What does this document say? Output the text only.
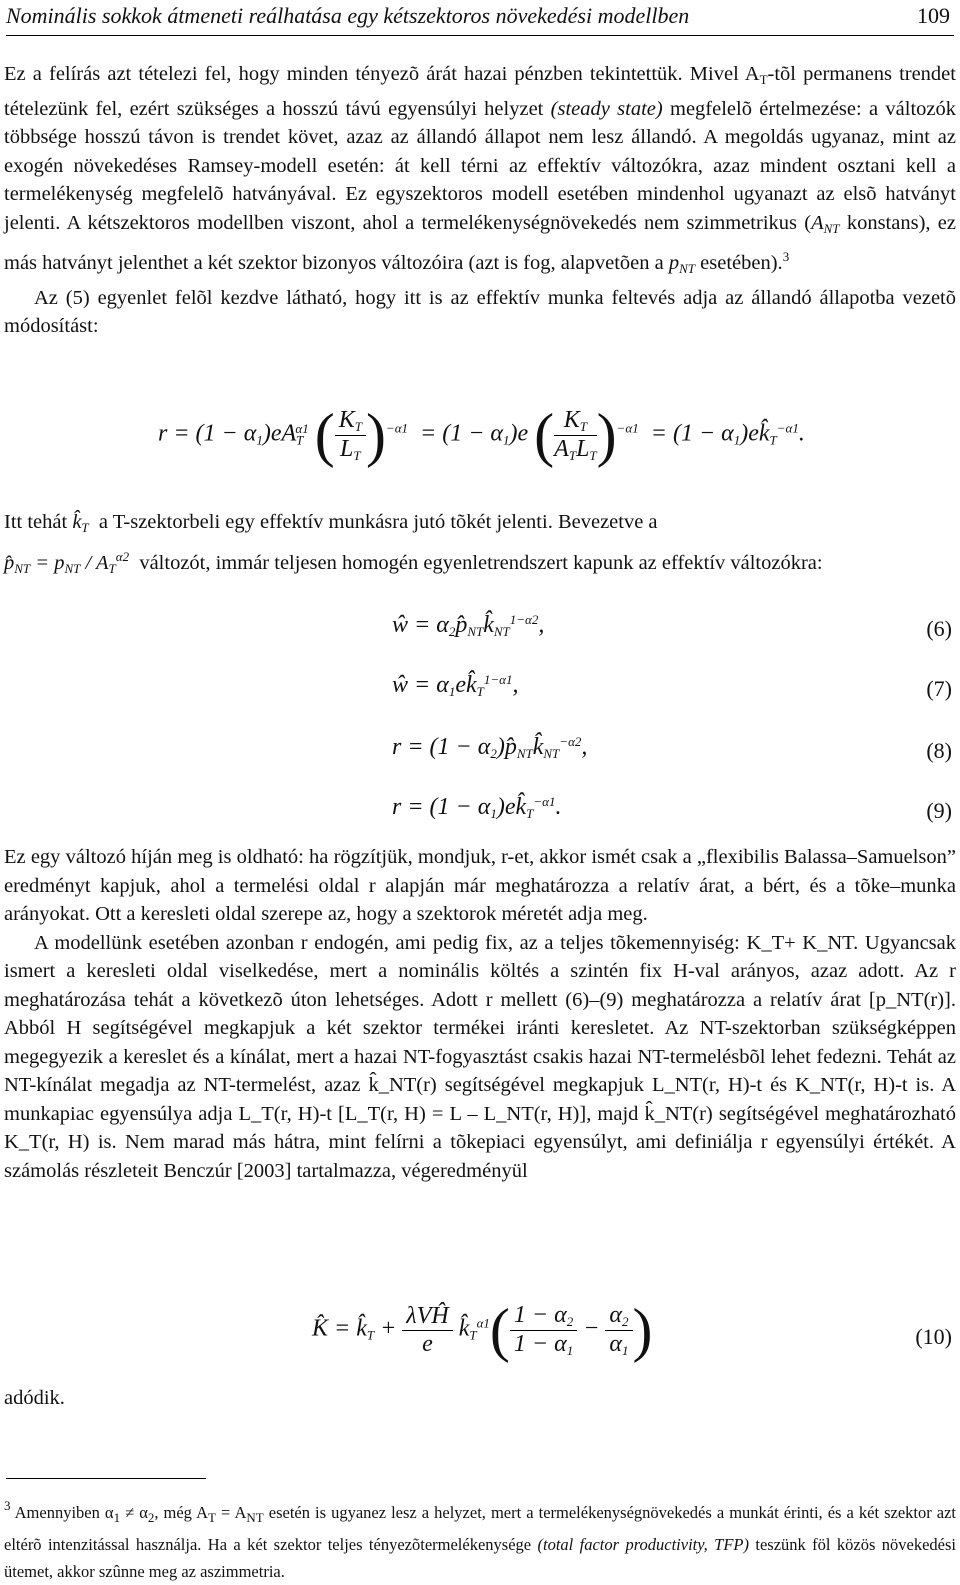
Nominális sokkok átmeneti reálhatása egy kétszektoros növekedési modellben	109

Ez a felírás azt tételezi fel, hogy minden tényezõ árát hazai pénzben tekintettük. Mivel $A_T$-tõl permanens trendet tételezünk fel, ezért szükséges a hosszú távú egyensúlyi helyzet (steady state) megfelelõ értelmezése: a változók többsége hosszú távon is trendet követ, azaz az állandó állapot nem lesz állandó. A megoldás ugyanaz, mint az exogén növekedéses Ramsey-modell esetén: át kell térni az effektív változókra, azaz mindent osztani kell a termelékenység megfelelõ hatványával. Ez egyszektoros modell esetében mindenhol ugyanazt az elsõ hatványt jelenti. A kétszektoros modellben viszont, ahol a termelékenységnövekedés nem szimmetrikus ($A_{NT}$ konstans), ez más hatványt jelenthet a két szektor bizonyos változóira (azt is fog, alapvetõen a $p_{NT}$ esetében).$^3$

Az (5) egyenlet felõl kezdve látható, hogy itt is az effektív munka feltevés adja az állandó állapotba vezetõ módosítást:

$r = (1 - \alpha_1)eA_T^{\alpha 1}$ ( $\frac{K_T}{L_T} )^{-\alpha 1} = (1 - \alpha_1)e$ ( $\frac{K_T}{A_TL_T} )^{-\alpha 1} = (1$ − $\alpha_1)ek̂_T^{-\alpha 1}$.

Itt tehát $k̂_T$ a T-szektorbeli egy effektív munkásra jutó tõkét jelenti. Bevezetve a
$p̂_{NT} = p_{NT} / A_T^{\alpha 2}$ változót, immár teljesen homogén egyenletrendszert kapunk az effektív változókra:

ŵ = $\alpha_2p̂_{NT}k̂_{NT}^{1-\alpha 2}$,	(6)
ŵ = $\alpha_1ek̂_T^{1-\alpha 1}$,	(7)
$r = (1 - \alpha_2)p̂_{NT}k̂_{NT}^{-\alpha 2}$,	(8)
$r = (1 - \alpha_1)ek̂_T^{-\alpha 1}$.	(9)

Ez egy változó híján meg is oldható: ha rögzítjük, mondjuk, r-et, akkor ismét csak a „flexibilis Balassa–Samuelson” eredményt kapjuk, ahol a termelési oldal r alapján már meghatározza a relatív árat, a bért, és a tõke–munka arányokat. Ott a keresleti oldal szerepe az, hogy a szektorok méretét adja meg.

A modellünk esetében azonban r endogén, ami pedig fix, az a teljes tõkemennyiség: K_T+ K_NT. Ugyancsak ismert a keresleti oldal viselkedése, mert a nominális költés a szintén fix H-val arányos, azaz adott. Az r meghatározása tehát a következõ úton lehetséges. Adott r mellett (6)–(9) meghatározza a relatív árat [p_NT(r)]. Abból H segítségével megkapjuk a két szektor termékei iránti keresletet. Az NT-szektorban szükségképpen megegyezik a kereslet és a kínálat, mert a hazai NT-fogyasztást csakis hazai NT-termelésbõl lehet fedezni. Tehát az NT-kínálat megadja az NT-termelést, azaz k̂_NT(r) segítségével megkapjuk L_NT(r, H)-t és K_NT(r, H)-t is. A munkapiac egyensúlya adja L_T(r, H)-t [L_T(r, H) = L – L_NT(r, H)], majd k̂_NT(r) segítségével meghatározható K_T(r, H) is. Nem marad más hátra, mint felírni a tõkepiaci egyensúlyt, ami definiálja r egyensúlyi értékét. A számolás részleteit Benczúr [2003] tartalmazza, végeredményül

K̂ = $k̂_T + \frac{\text{λVĤ}}{e}$ $k̂_T^{\alpha 1}( \frac{1 - \alpha_2}{1 - \alpha_1} - \frac{\alpha_2}{\alpha_1}$ )	(10)

adódik.

$^3$ Amennyiben $\alpha_1 \ne \alpha_2$, még $A_T = A_{NT}$ esetén is ugyanez lesz a helyzet, mert a termelékenységnövekedés a munkát érinti, és a két szektor azt eltérõ intenzitással használja. Ha a két szektor teljes tényezõtermelékenysége (total factor productivity, TFP) teszünk föl közös növekedési ütemet, akkor szûnne meg az aszimmetria.
